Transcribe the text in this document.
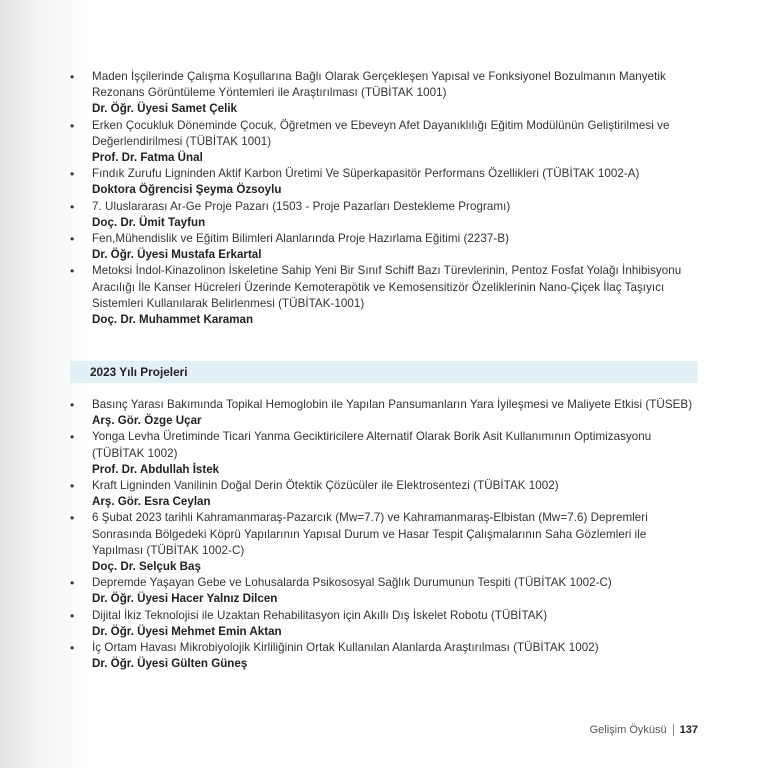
• Maden İşçilerinde Çalışma Koşullarına Bağlı Olarak Gerçekleşen Yapısal ve Fonksiyonel Bozulmanın Manyetik Rezonans Görüntüleme Yöntemleri ile Araştırılması (TÜBİTAK 1001)
Dr. Öğr. Üyesi Samet Çelik
• Erken Çocukluk Döneminde Çocuk, Öğretmen ve Ebeveyn Afet Dayanıklılığı Eğitim Modülünün Geliştirilmesi ve Değerlendirilmesi (TÜBİTAK 1001)
Prof. Dr. Fatma Ünal
• Fındık Zurufu Ligninden Aktif Karbon Üretimi Ve Süperkapasitör Performans Özellikleri (TÜBİTAK 1002-A)
Doktora Öğrencisi Şeyma Özsoylu
• 7. Uluslararası Ar-Ge Proje Pazarı (1503 - Proje Pazarları Destekleme Programı)
Doç. Dr. Ümit Tayfun
• Fen,Mühendislik ve Eğitim Bilimleri Alanlarında Proje Hazırlama Eğitimi (2237-B)
Dr. Öğr. Üyesi Mustafa Erkartal
• Metoksi İndol-Kinazolinon İskeletine Sahip Yeni Bir Sınıf Schiff Bazı Türevlerinin, Pentoz Fosfat Yolağı İnhibisyonu Aracılığı İle Kanser Hücreleri Üzerinde Kemoterapötik ve Kemosensitizör Özeliklerinin Nano-Çiçek İlaç Taşıyıcı Sistemleri Kullanılarak Belirlenmesi (TÜBİTAK-1001)
Doç. Dr. Muhammet Karaman
2023 Yılı Projeleri
• Basınç Yarası Bakımında Topikal Hemoglobin ile Yapılan Pansumanların Yara İyileşmesi ve Maliyete Etkisi (TÜSEB)
Arş. Gör. Özge Uçar
• Yonga Levha Üretiminde Ticari Yanma Geciktiricilere Alternatif Olarak Borik Asit Kullanımının Optimizasyonu (TÜBİTAK 1002)
Prof. Dr. Abdullah İstek
• Kraft Ligninden Vanilinin Doğal Derin Ötektik Çözücüler ile Elektrosentezi (TÜBİTAK 1002)
Arş. Gör. Esra Ceylan
• 6 Şubat 2023 tarihli Kahramanmaraş-Pazarcık (Mw=7.7) ve Kahramanmaraş-Elbistan (Mw=7.6) Depremleri Sonrasında Bölgedeki Köprü Yapılarının Yapısal Durum ve Hasar Tespit Çalışmalarının Saha Gözlemleri ile Yapılması (TÜBİTAK 1002-C)
Doç. Dr. Selçuk Baş
• Depremde Yaşayan Gebe ve Lohusalarda Psikososyal Sağlık Durumunun Tespiti (TÜBİTAK 1002-C)
Dr. Öğr. Üyesi Hacer Yalnız Dilcen
• Dijital İkiz Teknolojisi ile Uzaktan Rehabilitasyon için Akıllı Dış İskelet Robotu (TÜBİTAK)
Dr. Öğr. Üyesi Mehmet Emin Aktan
• İç Ortam Havası Mikrobiyolojik Kirliliğinin Ortak Kullanılan Alanlarda Araştırılması (TÜBİTAK 1002)
Dr. Öğr. Üyesi Gülten Güneş
Gelişim Öyküsü 137
